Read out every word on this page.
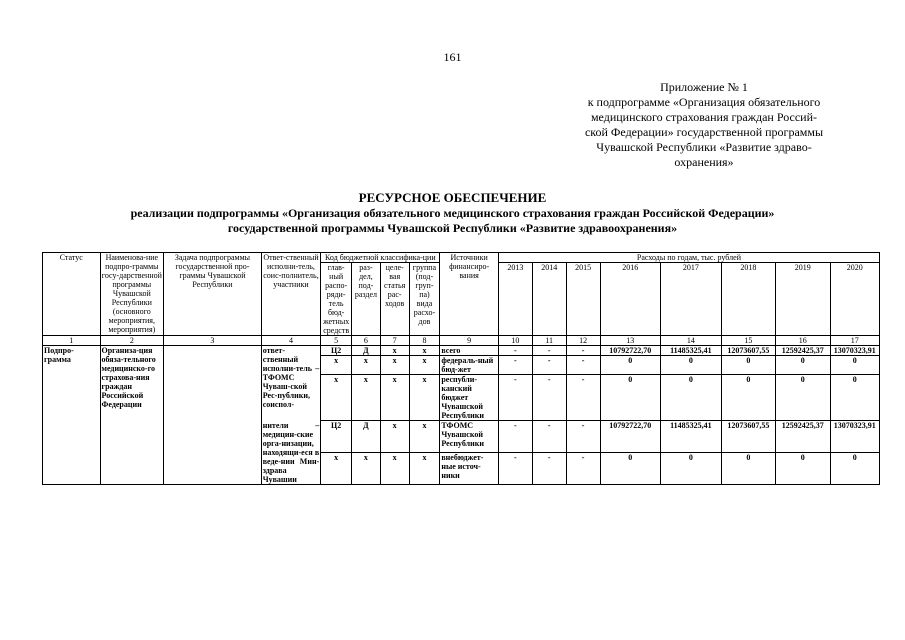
161
Приложение № 1
к подпрограмме «Организация обязательного
медицинского страхования граждан Россий-
ской Федерации» государственной программы
Чувашской Республики «Развитие здраво-
охранения»
РЕСУРСНОЕ ОБЕСПЕЧЕНИЕ
реализации подпрограммы «Организация обязательного медицинского страхования граждан Российской Федерации»
государственной программы Чувашской Республики «Развитие здравоохранения»
Статус	Наименова-ние подпро-граммы госу-дарственной программы Чувашской Республики (основного мероприятия, мероприятия)	Задача подпрограммы государственной про-граммы Чувашской Республики	Ответ-ственный исполни-тель, соис-полнитель, участники	Код бюджетной классифика-ции				Источники финансиро-вания	Расходы по годам, тыс. рублей							
				глав-ный распо-ряди-тель бюд-жетных средств	раз-дел, под-раздел	целе-вая статья рас-ходов	группа (под-груп-па) вида расхо-дов		2013	2014	2015	2016	2017	2018	2019	2020
1	2	3	4	5	6	7	8	9	10	11	12	13	14	15	16	17
Подпро-грамма	Организа-ция обяза-тельного медицинско-го страхова-ния граждан Российской Федерации		ответ-ственный исполни-тель – ТФОМС Чуваш-ской Рес-публики, соиспол-	Ц2	Д	х	х	всего	-	-	-	10792722,70	11485325,41	12073607,55	12592425,37	13070323,91
				х	х	х	х	федераль-ный бюд-жет	-	-	-	0	0	0	0	0
				х	х	х	х	республи-канский бюджет Чувашской Республики	-	-	-	0	0	0	0	0
			нители – медицин-ские орга-низации, находящи-еся в веде-нии Мин-здрава Чувашии	Ц2	Д	х	х	ТФОМС Чувашской Республики	-	-	-	10792722,70	11485325,41	12073607,55	12592425,37	13070323,91
				х	х	х	х	внебюджет-ные источ-ники	-	-	-	0	0	0	0	0
